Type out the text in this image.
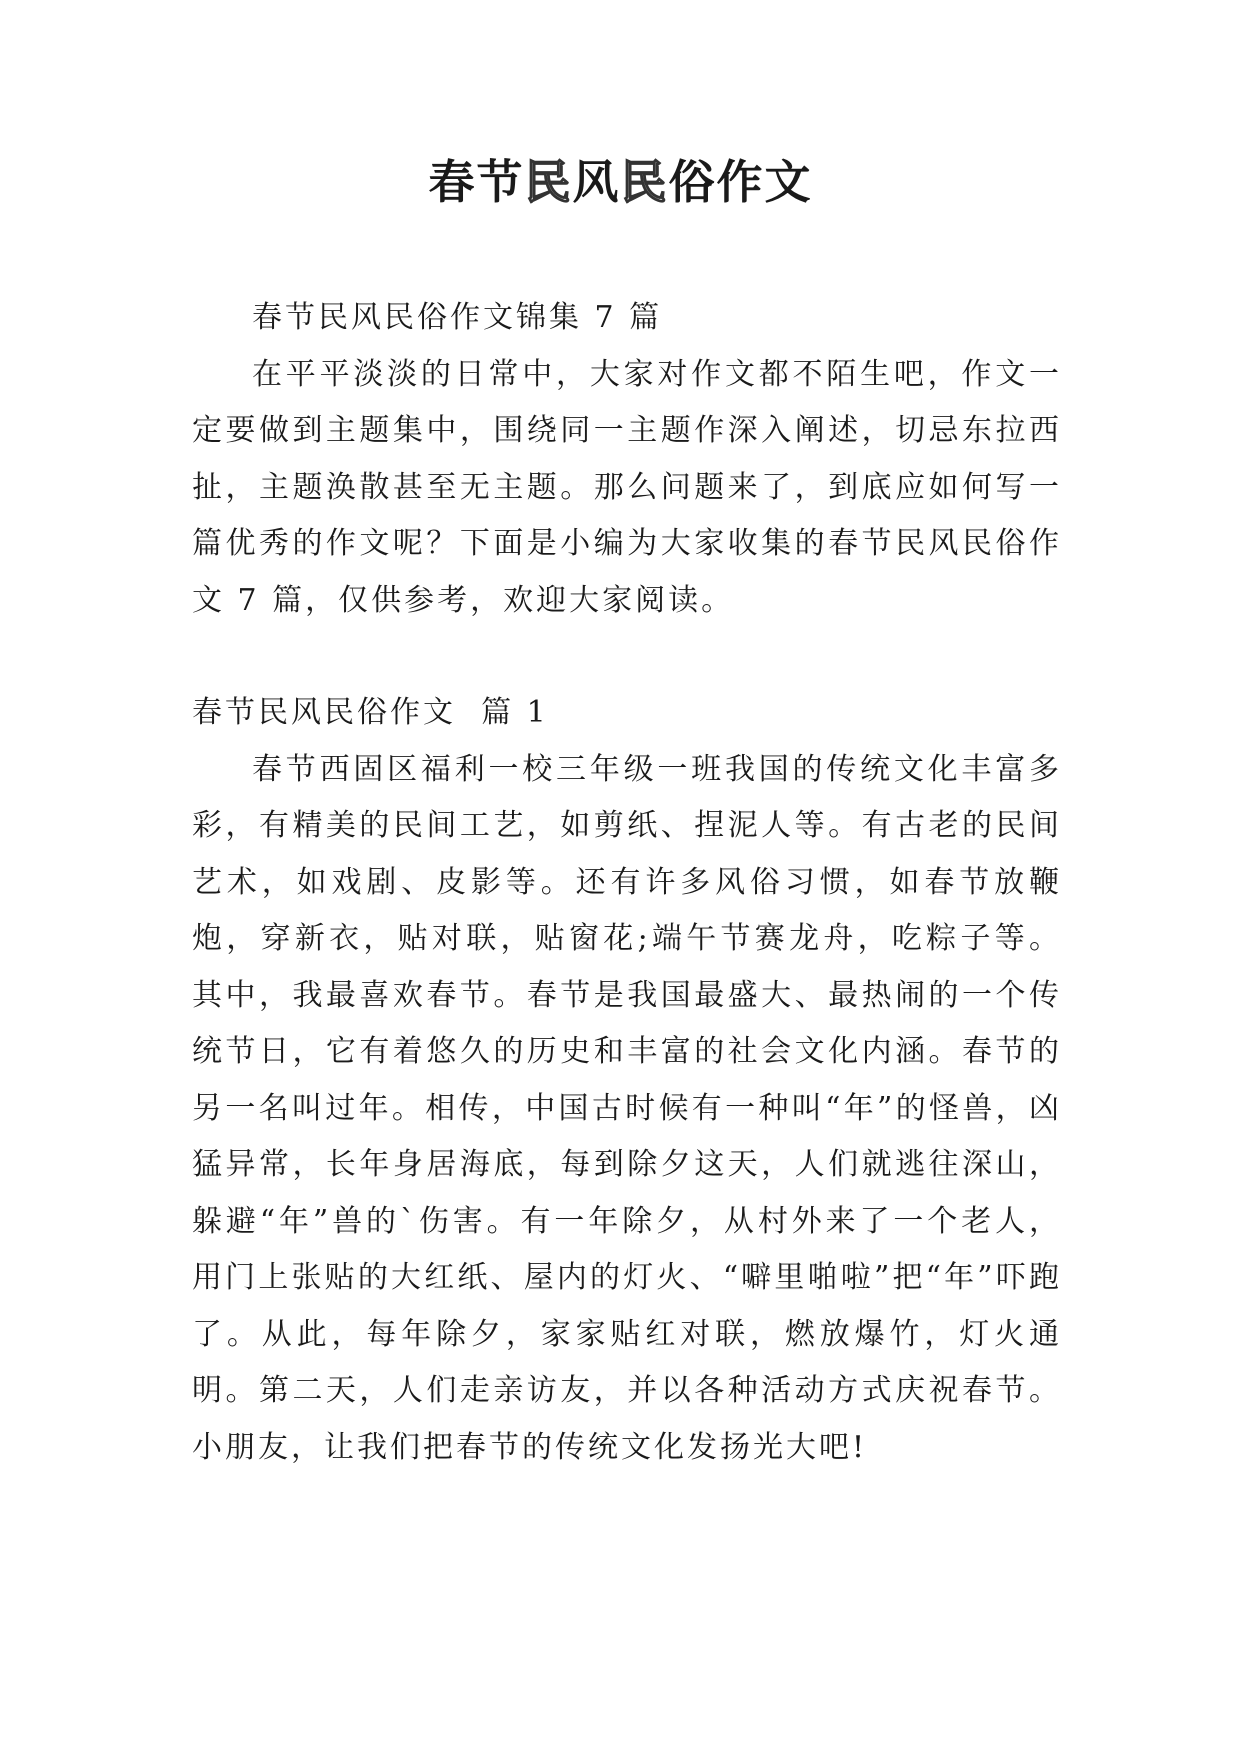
春节民风民俗作文

春节民风民俗作文锦集 7 篇

在平平淡淡的日常中，大家对作文都不陌生吧，作文一定要做到主题集中，围绕同一主题作深入阐述，切忌东拉西扯，主题涣散甚至无主题。那么问题来了，到底应如何写一篇优秀的作文呢？下面是小编为大家收集的春节民风民俗作文 7 篇，仅供参考，欢迎大家阅读。

春节民风民俗作文  篇 1

春节西固区福利一校三年级一班我国的传统文化丰富多彩，有精美的民间工艺，如剪纸、捏泥人等。有古老的民间艺术，如戏剧、皮影等。还有许多风俗习惯，如春节放鞭炮，穿新衣，贴对联，贴窗花;端午节赛龙舟，吃粽子等。其中，我最喜欢春节。春节是我国最盛大、最热闹的一个传统节日，它有着悠久的历史和丰富的社会文化内涵。春节的另一名叫过年。相传，中国古时候有一种叫“年”的怪兽，凶猛异常，长年身居海底，每到除夕这天，人们就逃往深山，躲避“年”兽的`伤害。有一年除夕，从村外来了一个老人，用门上张贴的大红纸、屋内的灯火、“噼里啪啦”把“年”吓跑了。从此，每年除夕，家家贴红对联，燃放爆竹，灯火通明。第二天，人们走亲访友，并以各种活动方式庆祝春节。小朋友，让我们把春节的传统文化发扬光大吧!
